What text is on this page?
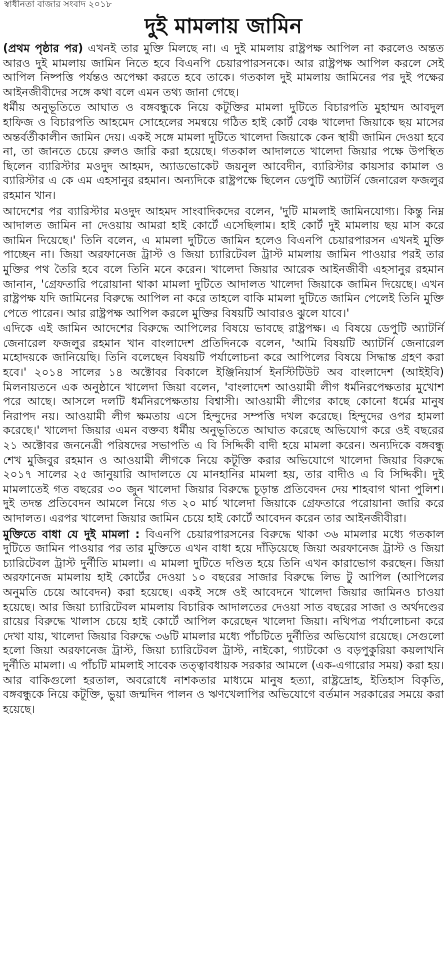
স্বাধীনতা বাজার সংবাদ ২০১৮
দুই মামলায় জামিন

(প্রথম পৃষ্ঠার পর) এখনই তার মুক্তি মিলছে না। এ দুই মামলায় রাষ্ট্রপক্ষ আপিল না করলেও অন্তত আরও দুই মামলায় জামিন নিতে হবে বিএনপি চেয়ারপারসনকে। আর রাষ্ট্রপক্ষ আপিল করলে সেই আপিল নিষ্পত্তি পর্যন্তও অপেক্ষা করতে হবে তাকে। গতকাল দুই মামলায় জামিনের পর দুই পক্ষের আইনজীবীদের সঙ্গে কথা বলে এমন তথ্য জানা গেছে।

ধর্মীয় অনুভূতিতে আঘাত ও বঙ্গবন্ধুকে নিয়ে কটূক্তির মামলা দুটিতে বিচারপতি মুহাম্মদ আবদুল হাফিজ ও বিচারপতি আহমেদ সোহেলের সমন্বয়ে গঠিত হাই কোর্ট বেঞ্চ খালেদা জিয়াকে ছয় মাসের অন্তর্বর্তীকালীন জামিন দেয়। একই সঙ্গে মামলা দুটিতে খালেদা জিয়াকে কেন স্থায়ী জামিন দেওয়া হবে না, তা জানতে চেয়ে রুলও জারি করা হয়েছে। গতকাল আদালতে খালেদা জিয়ার পক্ষে উপস্থিত ছিলেন ব্যারিস্টার মওদুদ আহমদ, অ্যাডভোকেট জয়নুল আবেদীন, ব্যারিস্টার কায়সার কামাল ও ব্যারিস্টার এ কে এম এহসানুর রহমান। অন্যদিকে রাষ্ট্রপক্ষে ছিলেন ডেপুটি অ্যাটর্নি জেনারেল ফজলুর রহমান খান।

আদেশের পর ব্যারিস্টার মওদুদ আহমদ সাংবাদিকদের বলেন, 'দুটি মামলাই জামিনযোগ্য। কিন্তু নিম্ন আদালত জামিন না দেওয়ায় আমরা হাই কোর্টে এসেছিলাম। হাই কোর্ট দুই মামলায় ছয় মাস করে জামিন দিয়েছে।' তিনি বলেন, এ মামলা দুটিতে জামিন হলেও বিএনপি চেয়ারপারসন এখনই মুক্তি পাচ্ছেন না। জিয়া অরফানেজ ট্রাস্ট ও জিয়া চ্যারিটেবল ট্রাস্ট মামলায় জামিন পাওয়ার পরই তার মুক্তির পথ তৈরি হবে বলে তিনি মনে করেন। খালেদা জিয়ার আরেক আইনজীবী এহসানুর রহমান জানান, 'গ্রেফতারি পরোয়ানা থাকা মামলা দুটিতে আদালত খালেদা জিয়াকে জামিন দিয়েছে। এখন রাষ্ট্রপক্ষ যদি জামিনের বিরুদ্ধে আপিল না করে তাহলে বাকি মামলা দুটিতে জামিন পেলেই তিনি মুক্তি পেতে পারেন। আর রাষ্ট্রপক্ষ আপিল করলে মুক্তির বিষয়টি আবারও ঝুলে যাবে।'

এদিকে এই জামিন আদেশের বিরুদ্ধে আপিলের বিষয়ে ভাবছে রাষ্ট্রপক্ষ। এ বিষয়ে ডেপুটি অ্যাটর্নি জেনারেল ফজলুর রহমান খান বাংলাদেশ প্রতিদিনকে বলেন, 'আমি বিষয়টি অ্যাটর্নি জেনারেল মহোদয়কে জানিয়েছি। তিনি বলেছেন বিষয়টি পর্যালোচনা করে আপিলের বিষয়ে সিদ্ধান্ত গ্রহণ করা হবে।' ২০১৪ সালের ১৪ অক্টোবর বিকালে ইঞ্জিনিয়ার্স ইনস্টিটিউট অব বাংলাদেশ (আইইবি) মিলনায়তনে এক অনুষ্ঠানে খালেদা জিয়া বলেন, 'বাংলাদেশ আওয়ামী লীগ ধর্মনিরপেক্ষতার মুখোশ পরে আছে। আসলে দলটি ধর্মনিরপেক্ষতায় বিশ্বাসী। আওয়ামী লীগের কাছে কোনো ধর্মের মানুষ নিরাপদ নয়। আওয়ামী লীগ ক্ষমতায় এসে হিন্দুদের সম্পত্তি দখল করেছে। হিন্দুদের ওপর হামলা করেছে।' খালেদা জিয়ার এমন বক্তব্য ধর্মীয় অনুভূতিতে আঘাত করেছে অভিযোগ করে ওই বছরের ২১ অক্টোবর জননেত্রী পরিষদের সভাপতি এ বি সিদ্দিকী বাদী হয়ে মামলা করেন। অন্যদিকে বঙ্গবন্ধু শেখ মুজিবুর রহমান ও আওয়ামী লীগকে নিয়ে কটূক্তি করার অভিযোগে খালেদা জিয়ার বিরুদ্ধে ২০১৭ সালের ২৫ জানুয়ারি আদালতে যে মানহানির মামলা হয়, তার বাদীও এ বি সিদ্দিকী। দুই মামলাতেই গত বছরের ৩০ জুন খালেদা জিয়ার বিরুদ্ধে চূড়ান্ত প্রতিবেদন দেয় শাহবাগ থানা পুলিশ। দুই তদন্ত প্রতিবেদন আমলে নিয়ে গত ২০ মার্চ খালেদা জিয়াকে গ্রেফতারে পরোয়ানা জারি করে আদালত। এরপর খালেদা জিয়ার জামিন চেয়ে হাই কোর্টে আবেদন করেন তার আইনজীবীরা।

মুক্তিতে বাধা যে দুই মামলা : বিএনপি চেয়ারপারসনের বিরুদ্ধে থাকা ৩৬ মামলার মধ্যে গতকাল দুটিতে জামিন পাওয়ার পর তার মুক্তিতে এখন বাধা হয়ে দাঁড়িয়েছে জিয়া অরফানেজ ট্রাস্ট ও জিয়া চ্যারিটেবল ট্রাস্ট দুর্নীতি মামলা। এ মামলা দুটিতে দণ্ডিত হয়ে তিনি এখন কারাভোগ করছেন। জিয়া অরফানেজ মামলায় হাই কোর্টের দেওয়া ১০ বছরের সাজার বিরুদ্ধে লিভ টু আপিল (আপিলের অনুমতি চেয়ে আবেদন) করা হয়েছে। একই সঙ্গে ওই আবেদনে খালেদা জিয়ার জামিনও চাওয়া হয়েছে। আর জিয়া চ্যারিটেবল মামলায় বিচারিক আদালতের দেওয়া সাত বছরের সাজা ও অর্থদণ্ডের রায়ের বিরুদ্ধে খালাস চেয়ে হাই কোর্টে আপিল করেছেন খালেদা জিয়া। নথিপত্র পর্যালোচনা করে দেখা যায়, খালেদা জিয়ার বিরুদ্ধে ৩৬টি মামলার মধ্যে পাঁচটিতে দুর্নীতির অভিযোগ রয়েছে। সেগুলো হলো জিয়া অরফানেজ ট্রাস্ট, জিয়া চ্যারিটেবল ট্রাস্ট, নাইকো, গ্যাটকো ও বড়পুকুরিয়া কয়লাখনি দুর্নীতি মামলা। এ পাঁচটি মামলাই সাবেক তত্ত্বাবধায়ক সরকার আমলে (এক-এগারোর সময়) করা হয়। আর বাকিগুলো হরতাল, অবরোধে নাশকতার মাধ্যমে মানুষ হত্যা, রাষ্ট্রদ্রোহ, ইতিহাস বিকৃতি, বঙ্গবন্ধুকে নিয়ে কটূক্তি, ভুয়া জন্মদিন পালন ও ঋণখেলাপির অভিযোগে বর্তমান সরকারের সময়ে করা হয়েছে।
